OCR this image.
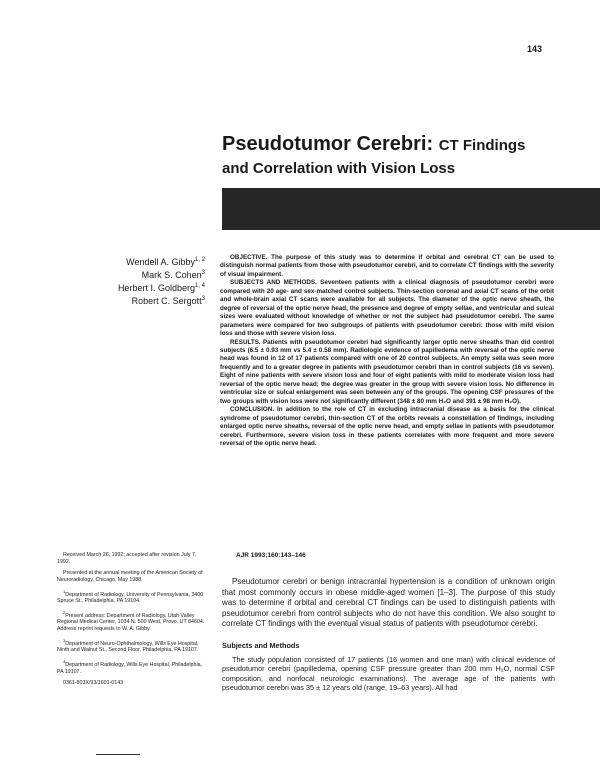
143
Pseudotumor Cerebri: CT Findings
and Correlation with Vision Loss
Wendell A. Gibby$^{1, 2}$
Mark S. Cohen$^3$
Herbert I. Goldberg$^{1, 4}$
Robert C. Sergott$^3$

OBJECTIVE. The purpose of this study was to determine if orbital and cerebral CT can be used to distinguish normal patients from those with pseudotumor cerebri, and to correlate CT findings with the severity of visual impairment.

SUBJECTS AND METHODS. Seventeen patients with a clinical diagnosis of pseudotumor cerebri were compared with 20 age- and sex-matched control subjects. Thin-section coronal and axial CT scans of the orbit and whole-brain axial CT scans were available for all subjects. The diameter of the optic nerve sheath, the degree of reversal of the optic nerve head, the presence and degree of empty sellae, and ventricular and sulcal sizes were evaluated without knowledge of whether or not the subject had pseudotumor cerebri. The same parameters were compared for two subgroups of patients with pseudotumor cerebri: those with mild vision loss and those with severe vision loss.

RESULTS. Patients with pseudotumor cerebri had significantly larger optic nerve sheaths than did control subjects (6.5 ± 0.93 mm vs 5.4 ± 0.58 mm). Radiologic evidence of papilledema with reversal of the optic nerve head was found in 12 of 17 patients compared with one of 20 control subjects. An empty sella was seen more frequently and to a greater degree in patients with pseudotumor cerebri than in control subjects (16 vs seven). Eight of nine patients with severe vision loss and four of eight patients with mild to moderate vision loss had reversal of the optic nerve head; the degree was greater in the group with severe vision loss. No difference in ventricular size or sulcal enlargement was seen between any of the groups. The opening CSF pressures of the two groups with vision loss were not significantly different (348 ± 80 mm H₂O and 391 ± 98 mm H₂O).

CONCLUSION. In addition to the role of CT in excluding intracranial disease as a basis for the clinical syndrome of pseudotumor cerebri, thin-section CT of the orbits reveals a constellation of findings, including enlarged optic nerve sheaths, reversal of the optic nerve head, and empty sellae in patients with pseudotumor cerebri. Furthermore, severe vision loss in these patients correlates with more frequent and more severe reversal of the optic nerve head.

AJR 1993;160:143–146

Received March 26, 1992; accepted after revision July 7, 1992.

Presented at the annual meeting of the American Society of Neuroradiology, Chicago, May 1988.

$^1$Department of Radiology, University of Pennsylvania, 3400 Spruce St., Philadelphia, PA 19104.

$^2$Present address: Department of Radiology, Utah Valley Regional Medical Center, 1034 N. 500 West, Provo, UT 84604. Address reprint requests to W. A. Gibby.

$^3$Department of Neuro-Ophthalmology, Wills Eye Hospital, Ninth and Walnut St., Second Floor, Philadelphia, PA 19107.

$^4$Department of Radiology, Wills Eye Hospital, Philadelphia, PA 19107.

0361-803X/93/1601-0143

Pseudotumor cerebri or benign intracranial hypertension is a condition of unknown origin that most commonly occurs in obese middle-aged women [1–3]. The purpose of this study was to determine if orbital and cerebral CT findings can be used to distinguish patients with pseudotumor cerebri from control subjects who do not have this condition. We also sought to correlate CT findings with the eventual visual status of patients with pseudotumor cerebri.

Subjects and Methods

The study population consisted of 17 patients (16 women and one man) with clinical evidence of pseudotumor cerebri (papilledema, opening CSF pressure greater than 200 mm H₂O, normal CSF composition, and nonfocal neurologic examinations). The average age of the patients with pseudotumor cerebri was 35 ± 12 years old (range, 19–63 years). All had
